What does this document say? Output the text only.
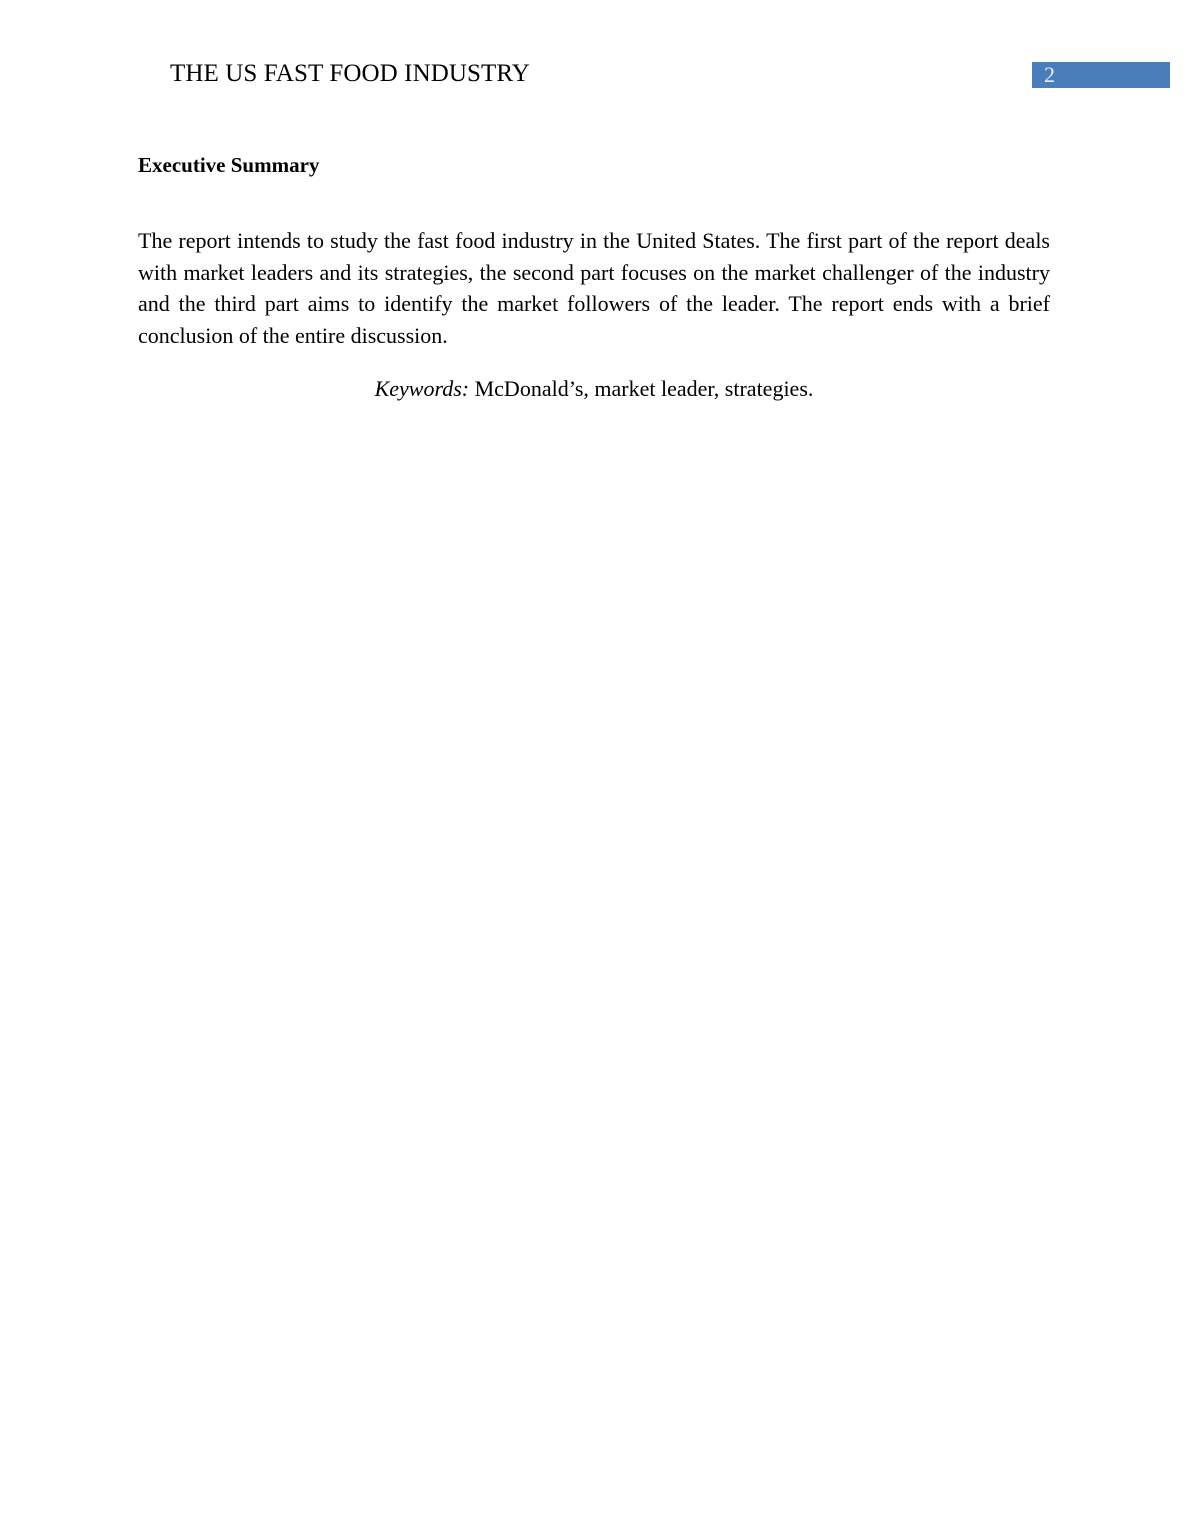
THE US FAST FOOD INDUSTRY	2
Executive Summary

The report intends to study the fast food industry in the United States. The first part of the report deals with market leaders and its strategies, the second part focuses on the market challenger of the industry and the third part aims to identify the market followers of the leader. The report ends with a brief conclusion of the entire discussion.

Keywords: McDonald’s, market leader, strategies.
